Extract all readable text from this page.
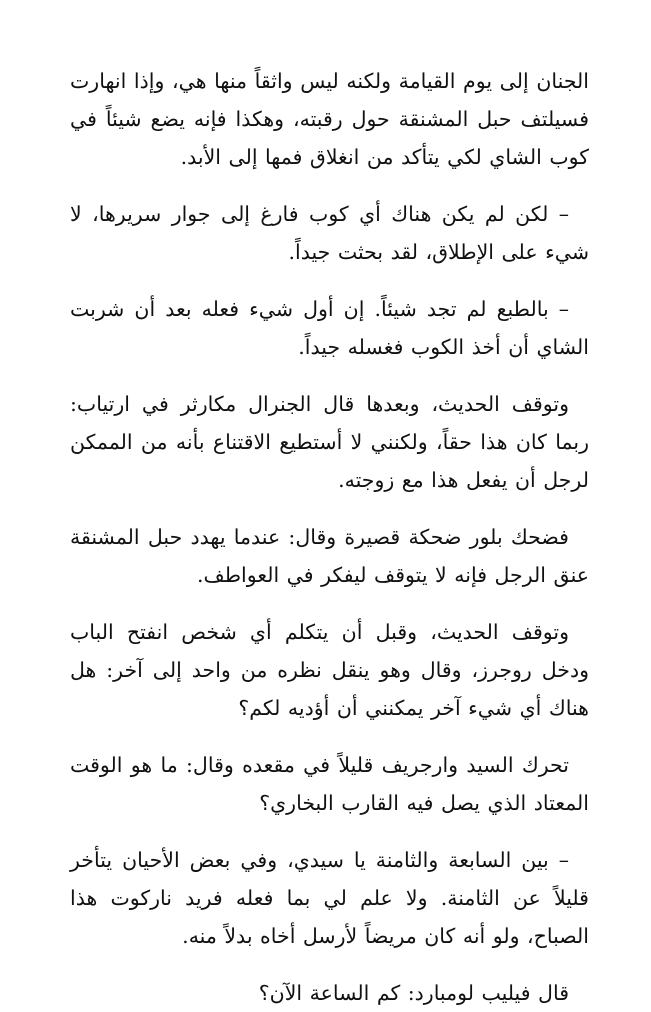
الجنان إلى يوم القيامة ولكنه ليس واثقاً منها هي، وإذا انهارت فسيلتف حبل المشنقة حول رقبته، وهكذا فإنه يضع شيئاً في كوب الشاي لكي يتأكد من انغلاق فمها إلى الأبد.

– لكن لم يكن هناك أي كوب فارغ إلى جوار سريرها، لا شيء على الإطلاق، لقد بحثت جيداً.

– بالطبع لم تجد شيئاً. إن أول شيء فعله بعد أن شربت الشاي أن أخذ الكوب فغسله جيداً.

وتوقف الحديث، وبعدها قال الجنرال مكارثر في ارتياب: ربما كان هذا حقاً، ولكنني لا أستطيع الاقتناع بأنه من الممكن لرجل أن يفعل هذا مع زوجته.

فضحك بلور ضحكة قصيرة وقال: عندما يهدد حبل المشنقة عنق الرجل فإنه لا يتوقف ليفكر في العواطف.

وتوقف الحديث، وقبل أن يتكلم أي شخص انفتح الباب ودخل روجرز، وقال وهو ينقل نظره من واحد إلى آخر: هل هناك أي شيء آخر يمكنني أن أؤديه لكم؟

تحرك السيد وارجريف قليلاً في مقعده وقال: ما هو الوقت المعتاد الذي يصل فيه القارب البخاري؟

– بين السابعة والثامنة يا سيدي، وفي بعض الأحيان يتأخر قليلاً عن الثامنة. ولا علم لي بما فعله فريد ناركوت هذا الصباح، ولو أنه كان مريضاً لأرسل أخاه بدلاً منه.

قال فيليب لومبارد: كم الساعة الآن؟
